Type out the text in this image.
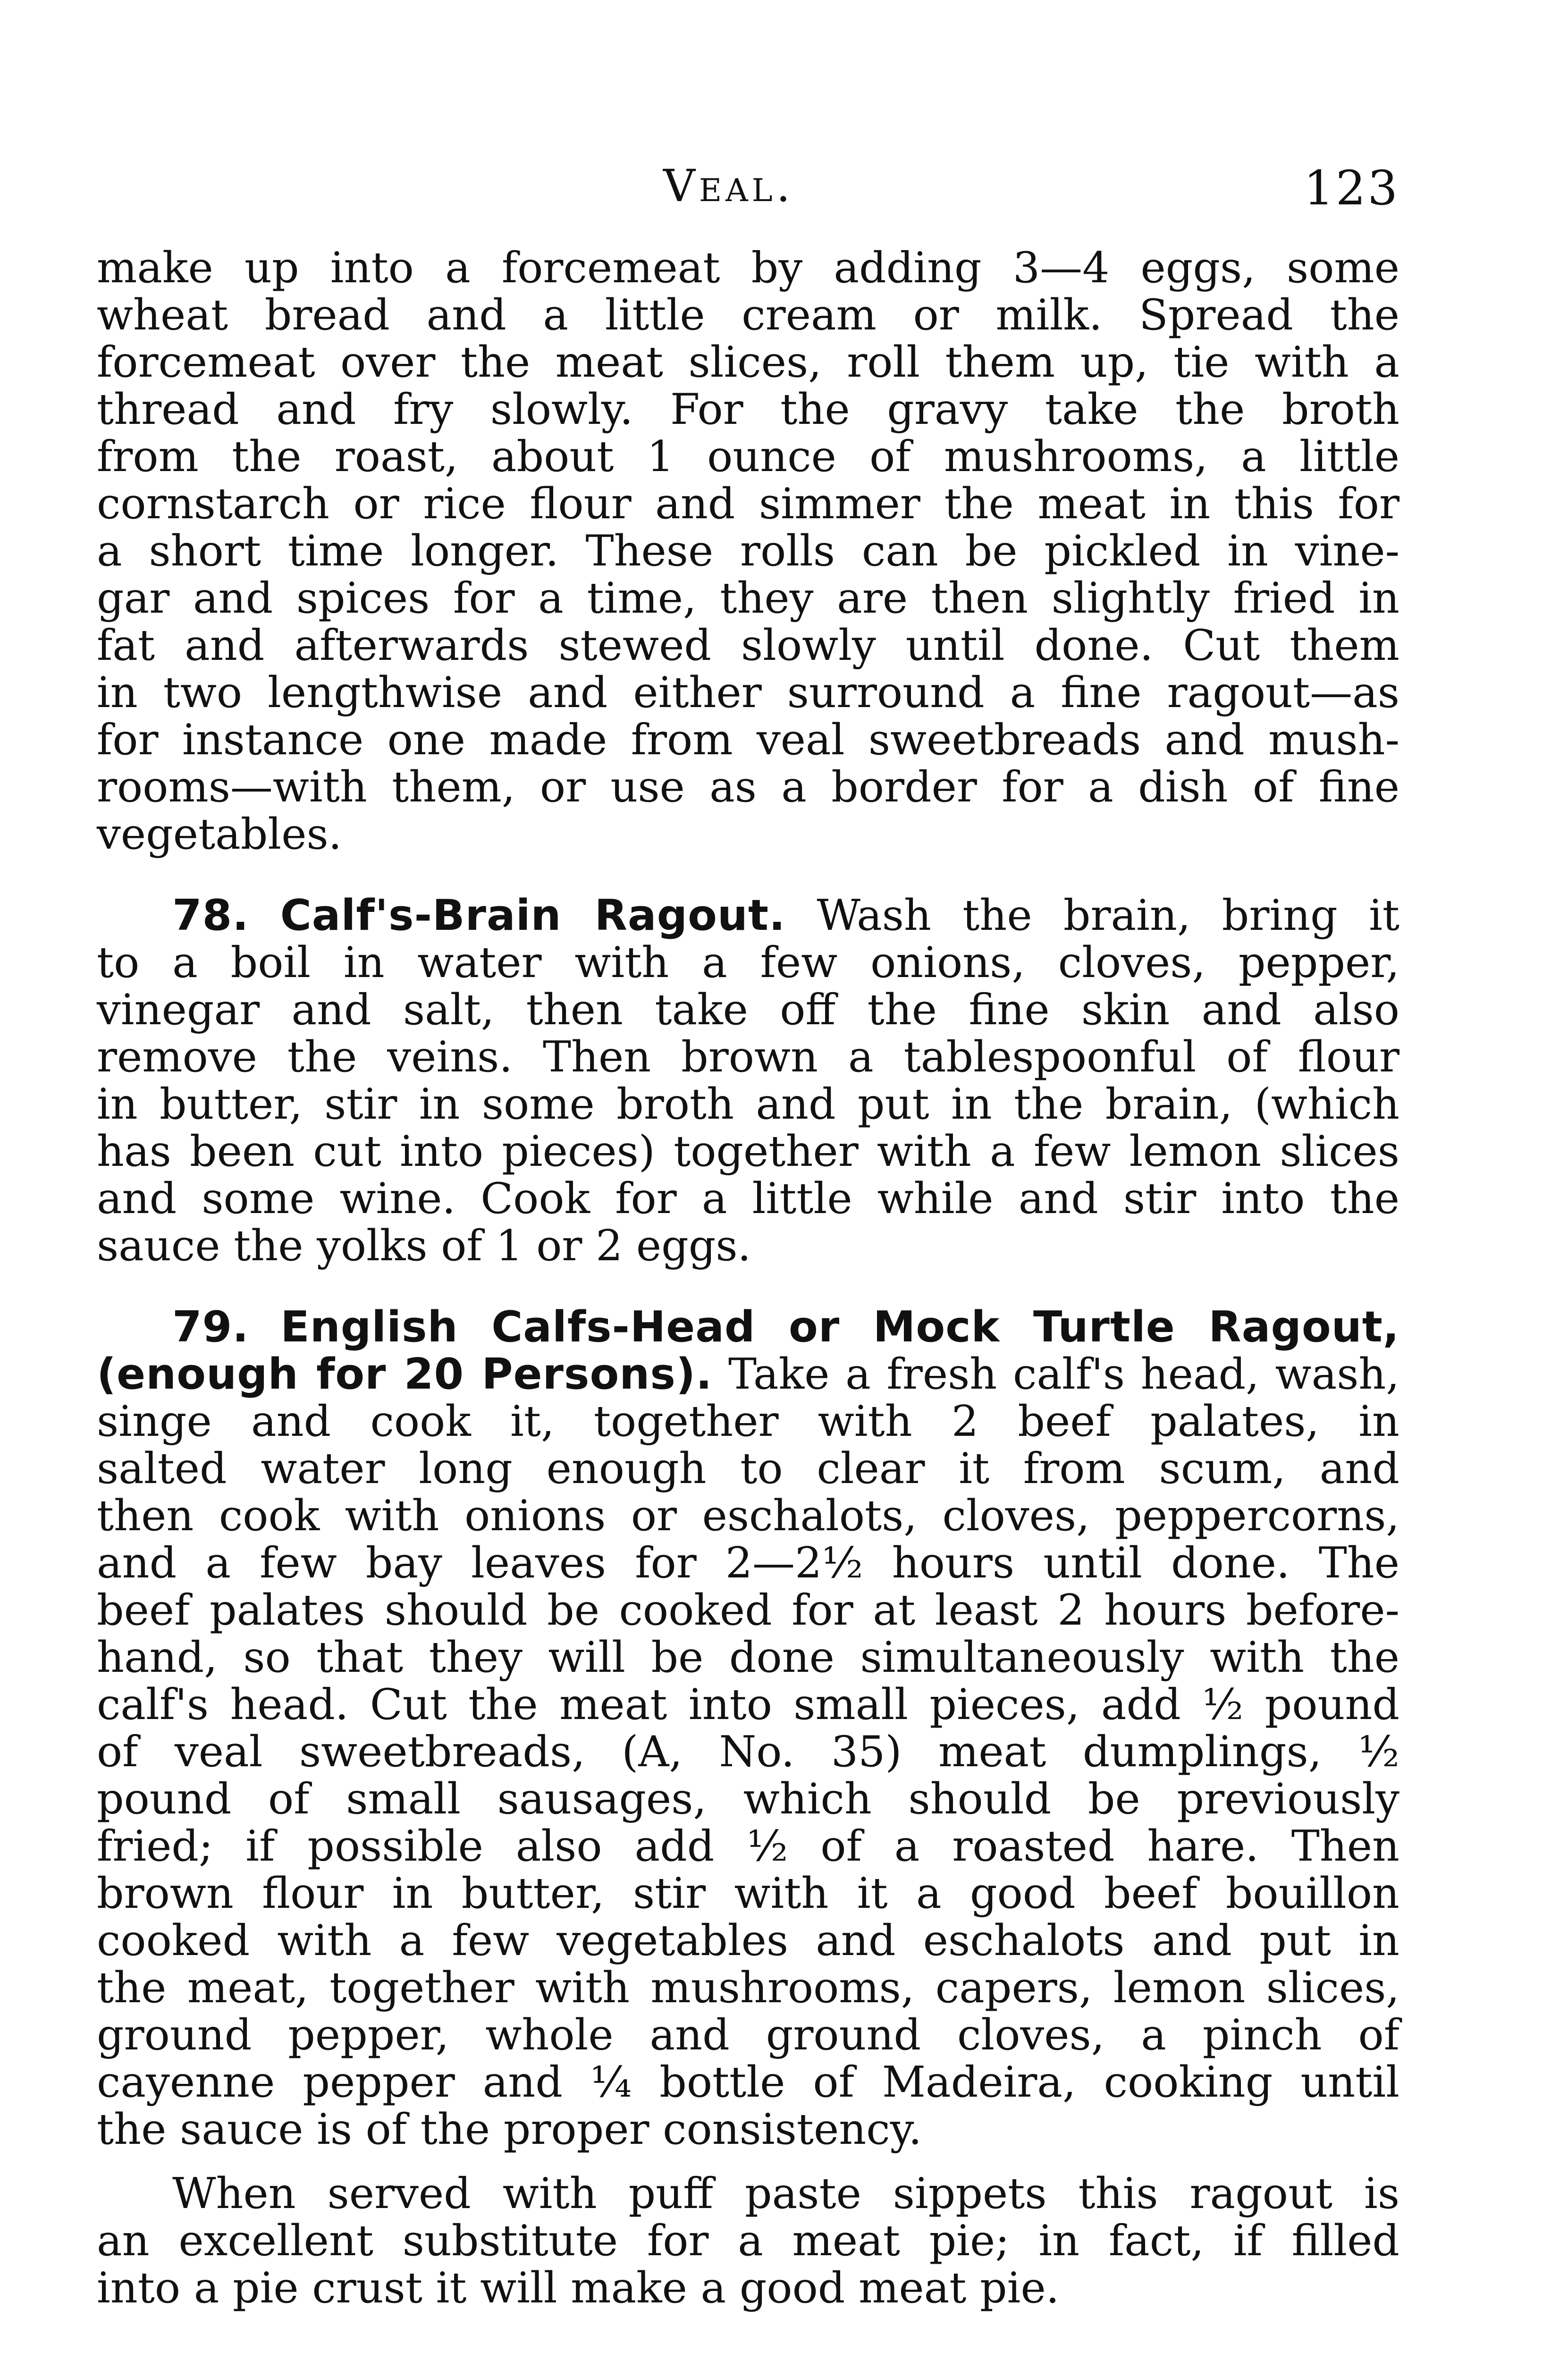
Veal.	123
make up into a forcemeat by adding 3—4 eggs, some
wheat bread and a little cream or milk. Spread the
forcemeat over the meat slices, roll them up, tie with a
thread and fry slowly. For the gravy take the broth
from the roast, about 1 ounce of mushrooms, a little
cornstarch or rice flour and simmer the meat in this for
a short time longer. These rolls can be pickled in vine-
gar and spices for a time, they are then slightly fried in
fat and afterwards stewed slowly until done. Cut them
in two lengthwise and either surround a fine ragout—as
for instance one made from veal sweetbreads and mush-
rooms—with them, or use as a border for a dish of fine
vegetables.
78. Calf's-Brain Ragout. Wash the brain, bring it
to a boil in water with a few onions, cloves, pepper,
vinegar and salt, then take off the fine skin and also
remove the veins. Then brown a tablespoonful of flour
in butter, stir in some broth and put in the brain, (which
has been cut into pieces) together with a few lemon slices
and some wine. Cook for a little while and stir into the
sauce the yolks of 1 or 2 eggs.
79. English Calfs-Head or Mock Turtle Ragout,
(enough for 20 Persons). Take a fresh calf's head, wash,
singe and cook it, together with 2 beef palates, in
salted water long enough to clear it from scum, and
then cook with onions or eschalots, cloves, peppercorns,
and a few bay leaves for 2—2½ hours until done. The
beef palates should be cooked for at least 2 hours before-
hand, so that they will be done simultaneously with the
calf's head. Cut the meat into small pieces, add ½ pound
of veal sweetbreads, (A, No. 35) meat dumplings, ½
pound of small sausages, which should be previously
fried; if possible also add ½ of a roasted hare. Then
brown flour in butter, stir with it a good beef bouillon
cooked with a few vegetables and eschalots and put in
the meat, together with mushrooms, capers, lemon slices,
ground pepper, whole and ground cloves, a pinch of
cayenne pepper and ¼ bottle of Madeira, cooking until
the sauce is of the proper consistency.
When served with puff paste sippets this ragout is
an excellent substitute for a meat pie; in fact, if filled
into a pie crust it will make a good meat pie.
